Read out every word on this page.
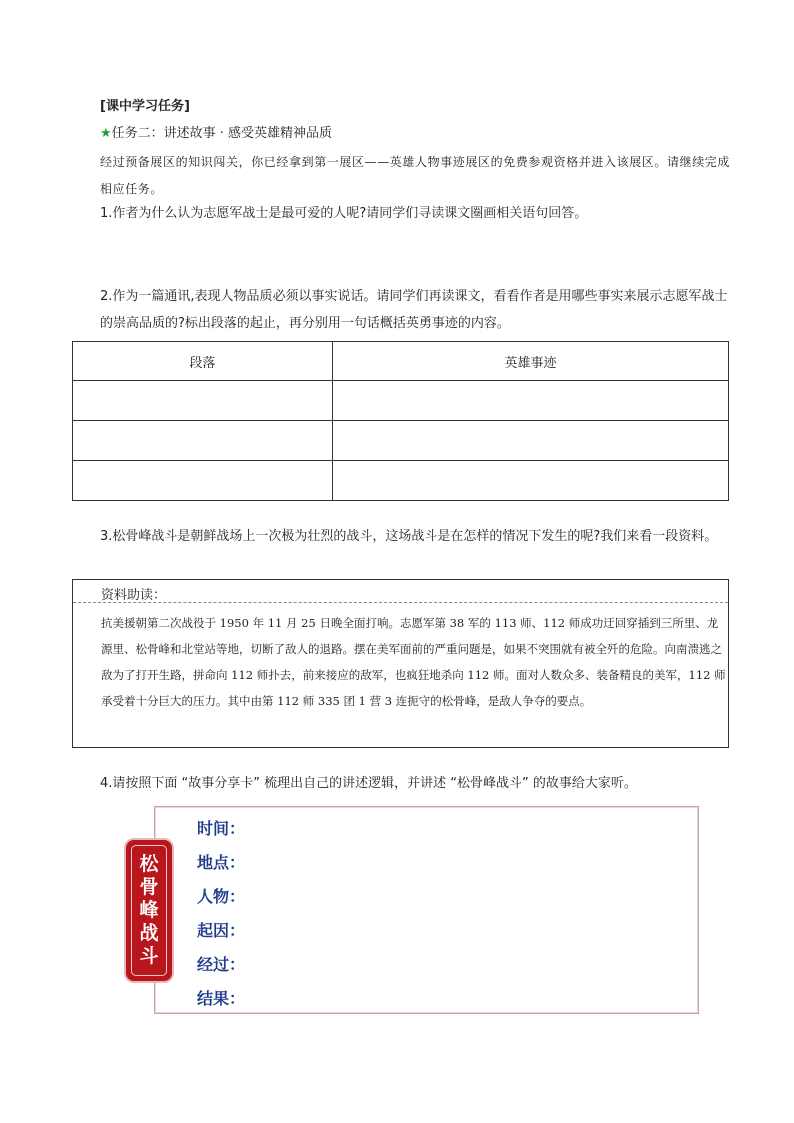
[课中学习任务]
★任务二：讲述故事 · 感受英雄精神品质
经过预备展区的知识闯关，你已经拿到第一展区——英雄人物事迹展区的免费参观资格并进入该展区。请继续完成相应任务。
1.作者为什么认为志愿军战士是最可爱的人呢?请同学们寻读课文圈画相关语句回答。
2.作为一篇通讯,表现人物品质必须以事实说话。请同学们再读课文，看看作者是用哪些事实来展示志愿军战士的崇高品质的?标出段落的起止，再分别用一句话概括英勇事迹的内容。
段落	英雄事迹

3.松骨峰战斗是朝鲜战场上一次极为壮烈的战斗，这场战斗是在怎样的情况下发生的呢?我们来看一段资料。
资料助读：
抗美援朝第二次战役于 1950 年 11 月 25 日晚全面打响。志愿军第 38 军的 113 师、112 师成功迂回穿插到三所里、龙源里、松骨峰和北堂站等地，切断了敌人的退路。摆在美军面前的严重问题是，如果不突围就有被全歼的危险。向南溃逃之敌为了打开生路，拼命向 112 师扑去，前来接应的敌军，也疯狂地杀向 112 师。面对人数众多、装备精良的美军，112 师承受着十分巨大的压力。其中由第 112 师 335 团 1 营 3 连扼守的松骨峰，是敌人争夺的要点。
4.请按照下面 “故事分享卡” 梳理出自己的讲述逻辑，并讲述 “松骨峰战斗” 的故事给大家听。
松
骨
峰
战
斗
时间：
地点：
人物：
起因：
经过：
结果：
